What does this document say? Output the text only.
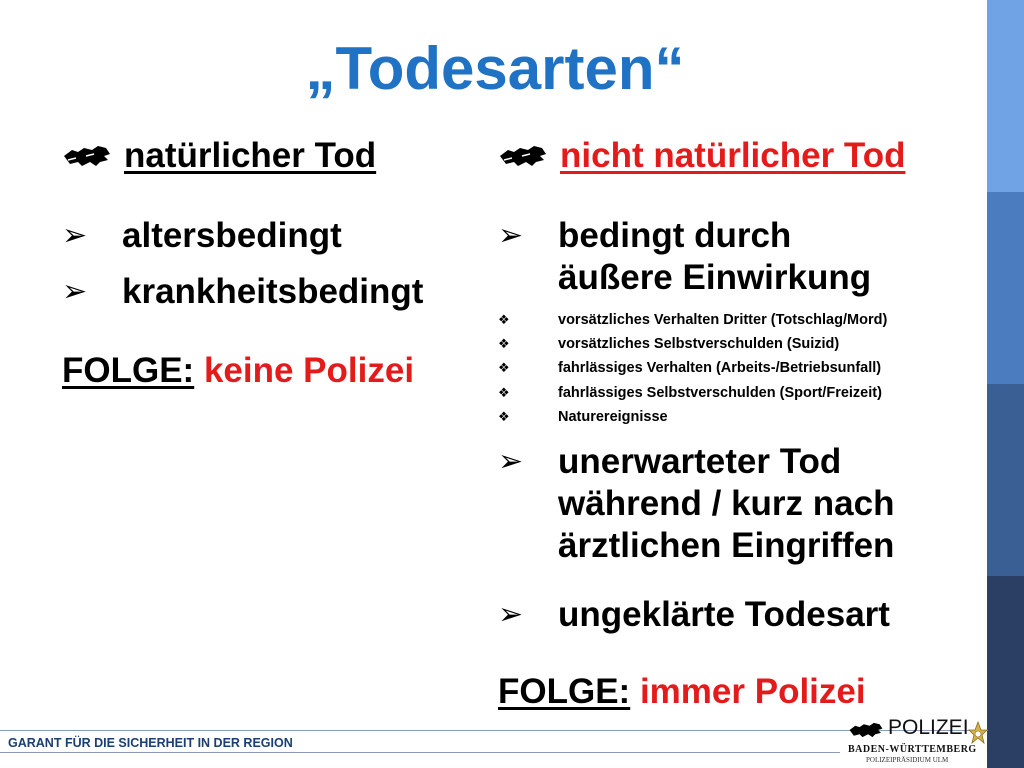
„Todesarten“
natürlicher Tod
➢ altersbedingt
➢ krankheitsbedingt
FOLGE: keine Polizei
nicht natürlicher Tod
➢ bedingt durch
äußere Einwirkung
❖	vorsätzliches Verhalten Dritter (Totschlag/Mord)
❖	vorsätzliches Selbstverschulden (Suizid)
❖	fahrlässiges Verhalten (Arbeits-/Betriebsunfall)
❖	fahrlässiges Selbstverschulden (Sport/Freizeit)
❖	Naturereignisse
➢ unerwarteter Tod
während / kurz nach
ärztlichen Eingriffen
➢ ungeklärte Todesart
FOLGE: immer Polizei
GARANT FÜR DIE SICHERHEIT IN DER REGION
POLIZEI
BADEN-WÜRTTEMBERG
POLIZEIPRÄSIDIUM ULM
